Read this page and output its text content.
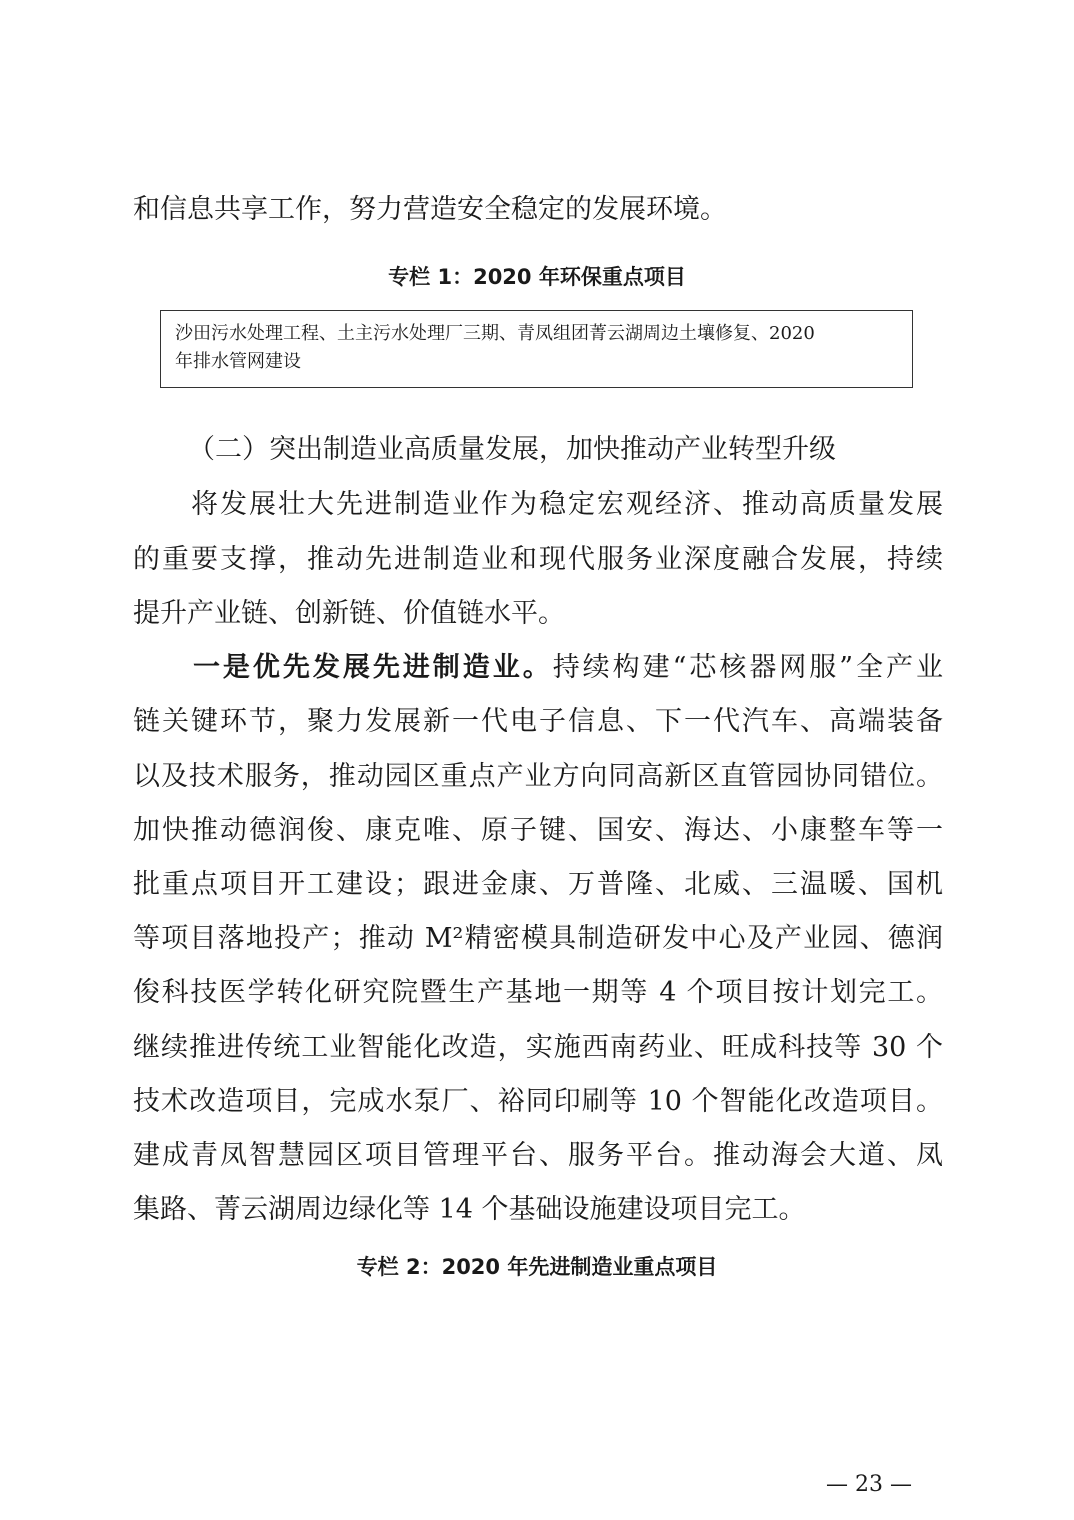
和信息共享工作，努力营造安全稳定的发展环境。
专栏 1：2020 年环保重点项目
沙田污水处理工程、土主污水处理厂三期、青凤组团菁云湖周边土壤修复、2020
年排水管网建设
（二）突出制造业高质量发展，加快推动产业转型升级
　　将发展壮大先进制造业作为稳定宏观经济、推动高质量发展
的重要支撑，推动先进制造业和现代服务业深度融合发展，持续
提升产业链、创新链、价值链水平。
　　一是优先发展先进制造业。持续构建“芯核器网服”全产业
链关键环节，聚力发展新一代电子信息、下一代汽车、高端装备
以及技术服务，推动园区重点产业方向同高新区直管园协同错位。
加快推动德润俊、康克唯、原子键、国安、海达、小康整车等一
批重点项目开工建设；跟进金康、万普隆、北威、三温暖、国机
等项目落地投产；推动 M²精密模具制造研发中心及产业园、德润
俊科技医学转化研究院暨生产基地一期等 4 个项目按计划完工。
继续推进传统工业智能化改造，实施西南药业、旺成科技等 30 个
技术改造项目，完成水泵厂、裕同印刷等 10 个智能化改造项目。
建成青凤智慧园区项目管理平台、服务平台。推动海会大道、凤
集路、菁云湖周边绿化等 14 个基础设施建设项目完工。
专栏 2：2020 年先进制造业重点项目
— 23 —
